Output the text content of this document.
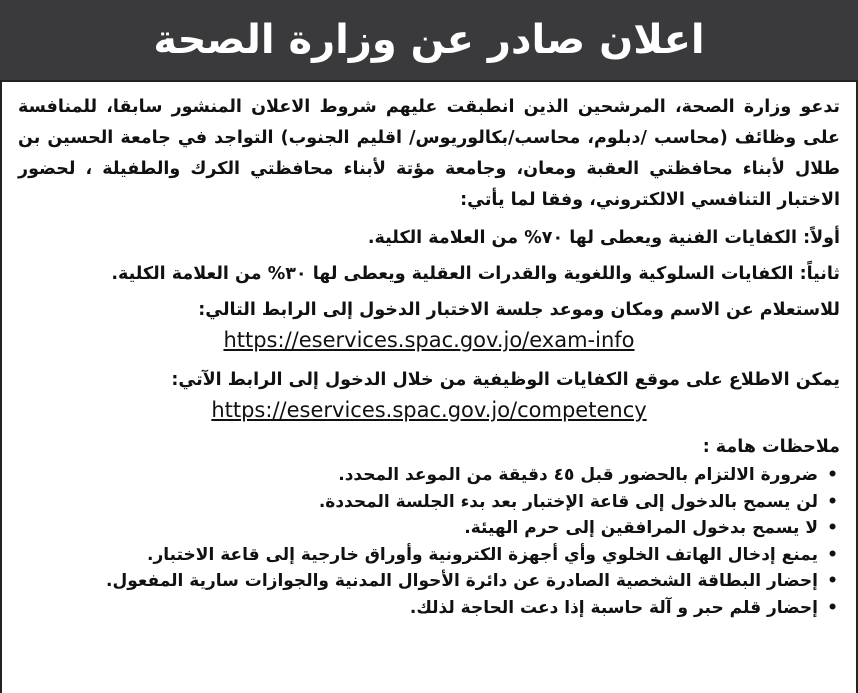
اعلان صادر عن وزارة الصحة

تدعو وزارة الصحة، المرشحين الذين انطبقت عليهم شروط الاعلان المنشور سابقا، للمنافسة على وظائف (محاسب /دبلوم، محاسب/بكالوريوس/ اقليم الجنوب) التواجد في جامعة الحسين بن طلال لأبناء محافظتي العقبة ومعان، وجامعة مؤتة لأبناء محافظتي الكرك والطفيلة ، لحضور الاختبار التنافسي الالكتروني، وفقا لما يأتي:

أولاً: الكفايات الفنية ويعطى لها ٧٠% من العلامة الكلية.

ثانياً: الكفايات السلوكية واللغوية والقدرات العقلية ويعطى لها ٣٠% من العلامة الكلية.

للاستعلام عن الاسم ومكان وموعد جلسة الاختبار الدخول إلى الرابط التالي:

https://eservices.spac.gov.jo/exam-info

يمكن الاطلاع على موقع الكفايات الوظيفية من خلال الدخول إلى الرابط الآتي:

https://eservices.spac.gov.jo/competency

ملاحظات هامة :

•
ضرورة الالتزام بالحضور قبل ٤٥ دقيقة من الموعد المحدد.
•
لن يسمح بالدخول إلى قاعة الإختبار بعد بدء الجلسة المحددة.
•
لا يسمح بدخول المرافقين إلى حرم الهيئة.
•
يمنع إدخال الهاتف الخلوي وأي أجهزة الكترونية وأوراق خارجية إلى قاعة الاختبار.
•
إحضار البطاقة الشخصية الصادرة عن دائرة الأحوال المدنية والجوازات سارية المفعول.
•
إحضار قلم حبر و آلة حاسبة إذا دعت الحاجة لذلك.
